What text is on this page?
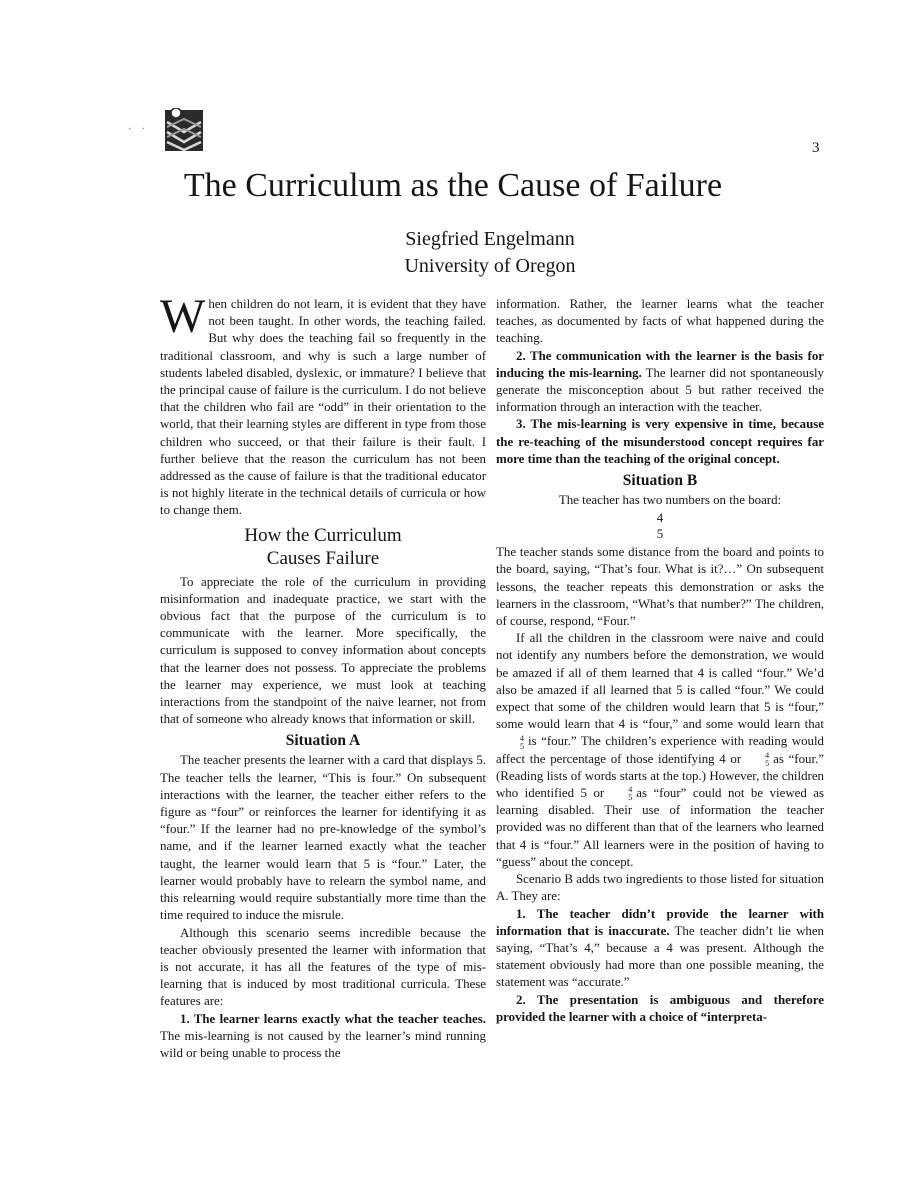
· ·
3
The Curriculum as the Cause of Failure
Siegfried Engelmann
University of Oregon

When children do not learn, it is evident that they have not been taught. In other words, the teaching failed. But why does the teaching fail so frequently in the traditional classroom, and why is such a large number of students labeled disabled, dyslexic, or immature? I believe that the principal cause of failure is the curriculum. I do not believe that the children who fail are “odd” in their orientation to the world, that their learning styles are different in type from those children who succeed, or that their failure is their fault. I further believe that the reason the curriculum has not been addressed as the cause of failure is that the traditional educator is not highly literate in the technical details of curricula or how to change them.

How the Curriculum
Causes Failure

To appreciate the role of the curriculum in providing misinformation and inadequate practice, we start with the obvious fact that the purpose of the curriculum is to communicate with the learner. More specifically, the curriculum is supposed to convey information about concepts that the learner does not possess. To appreciate the problems the learner may experience, we must look at teaching interactions from the standpoint of the naive learner, not from that of someone who already knows that information or skill.

Situation A

The teacher presents the learner with a card that displays 5. The teacher tells the learner, “This is four.” On subsequent interactions with the learner, the teacher either refers to the figure as “four” or reinforces the learner for identifying it as “four.” If the learner had no pre-knowledge of the symbol’s name, and if the learner learned exactly what the teacher taught, the learner would learn that 5 is “four.” Later, the learner would probably have to relearn the symbol name, and this relearning would require substantially more time than the time required to induce the misrule.

Although this scenario seems incredible because the teacher obviously presented the learner with information that is not accurate, it has all the features of the type of mis-learning that is induced by most traditional curricula. These features are:

1. The learner learns exactly what the teacher teaches. The mis-learning is not caused by the learner’s mind running wild or being unable to process the

information. Rather, the learner learns what the teacher teaches, as documented by facts of what happened during the teaching.

2. The communication with the learner is the basis for inducing the mis-learning. The learner did not spontaneously generate the misconception about 5 but rather received the information through an interaction with the teacher.

3. The mis-learning is very expensive in time, because the re-teaching of the misunderstood concept requires far more time than the teaching of the original concept.

Situation B

The teacher has two numbers on the board:

4
5

The teacher stands some distance from the board and points to the board, saying, “That’s four. What is it?…” On subsequent lessons, the teacher repeats this demonstration or asks the learners in the classroom, “What’s that number?” The children, of course, respond, “Four.”

If all the children in the classroom were naive and could not identify any numbers before the demonstration, we would be amazed if all of them learned that 4 is called “four.” We’d also be amazed if all learned that 5 is called “four.” We could expect that some of the children would learn that 5 is “four,” some would learn that 4 is “four,” and some would learn that
4
5 is “four.” The children’s experience with reading would affect the percentage of those identifying 4 or	4
5 as “four.” (Reading lists of words starts at the top.) However, the children who identified 5 or	4
5 as “four” could not be viewed as learning disabled. Their use of information the teacher provided was no different than that of the learners who learned that 4 is “four.” All learners were in the position of having to “guess” about the concept.

Scenario B adds two ingredients to those listed for situation A. They are:

1. The teacher didn’t provide the learner with information that is inaccurate. The teacher didn’t lie when saying, “That’s 4,” because a 4 was present. Although the statement obviously had more than one possible meaning, the statement was “accurate.”

2. The presentation is ambiguous and therefore provided the learner with a choice of “interpreta-
